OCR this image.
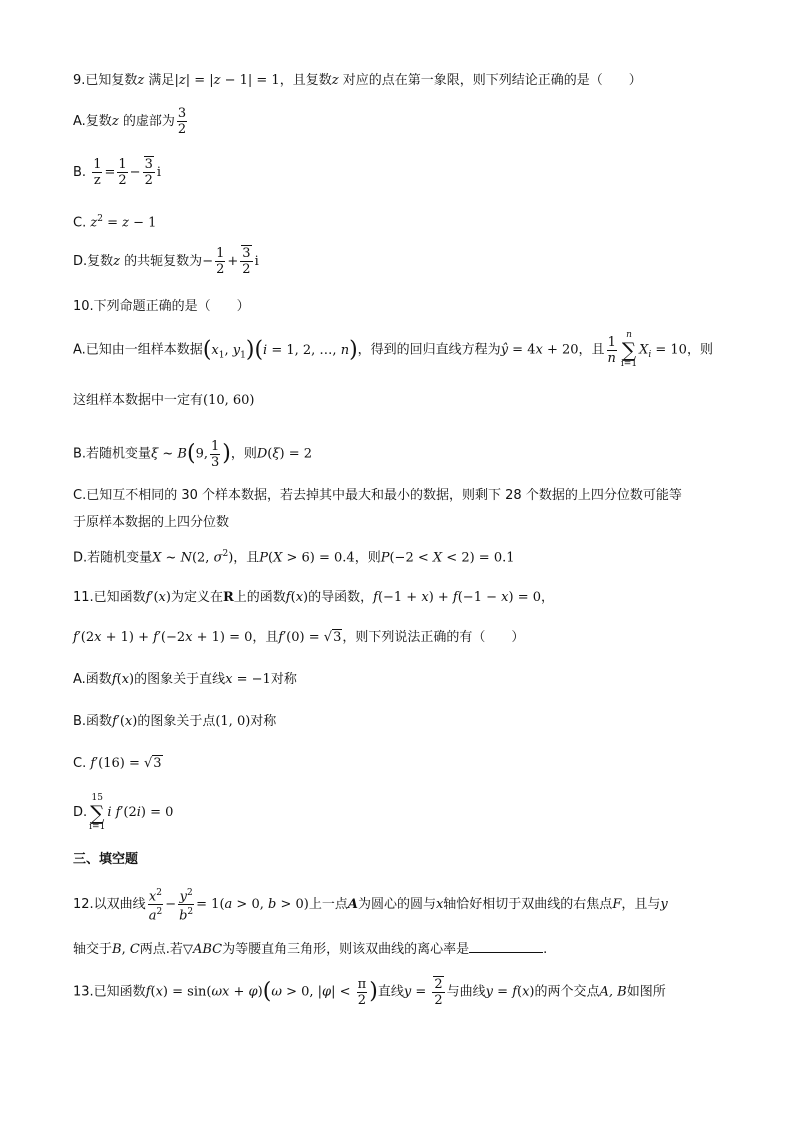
9.已知复数z 满足|z| = |z − 1| = 1，且复数z 对应的点在第一象限，则下列结论正确的是（　　）
A.复数z 的虚部为 $\frac{3}{2}$
B. $\frac{1}{z} = \frac{1}{2} - \frac{3}{2}$ i
C. $z^2 = z - 1$
D.复数z 的共轭复数为− $\frac{1}{2} + \frac{3}{2}$ i
10.下列命题正确的是（　　）
A.已知由一组样本数据($x_1$, $y_1)(i = 1$, 2, …, n)，得到的回归直线方程为ŷ = 4x + 20，且 $\frac{1}{n}$	n
∑
i=1
$X_i = 10$，则
这组样本数据中一定有(10, 60)
B.若随机变量ξ ~ B(9, $\frac{1}{3}$ )，则D(ξ) = 2
C.已知互不相同的 30 个样本数据，若去掉其中最大和最小的数据，则剩下 28 个数据的上四分位数可能等
于原样本数据的上四分位数
D.若随机变量X ~ N(2, $\sigma^2$)，且P(X > 6) = 0.4，则P(−2 < X < 2) = 0.1
11.已知函数f′(x)为定义在R上的函数f(x)的导函数，f(−1 + x) + f(−1 − x) = 0，
f′(2x + 1) + f′(−2x + 1) = 0，且f′(0) = √3，则下列说法正确的有（　　）
A.函数f(x)的图象关于直线x = −1对称
B.函数f′(x)的图象关于点(1, 0)对称
C. f′(16) = √3
D.
15
∑
i=1
i f′(2i) = 0
三、填空题
12.以双曲线 $\frac{x^2}{a^2} - \frac{y^2}{b^2} = 1(a > 0$, b > 0)上一点A为圆心的圆与x轴恰好相切于双曲线的右焦点F，且与y
轴交于B, C两点.若▽ABC为等腰直角三角形，则该双曲线的离心率是	.
13.已知函数f(x) = sin(ωx + φ)(ω > 0, $|\varphi| < \frac{\pi}{2}$ )直线$y = \frac{2}{2}$ 与曲线y = f(x)的两个交点A, B如图所
